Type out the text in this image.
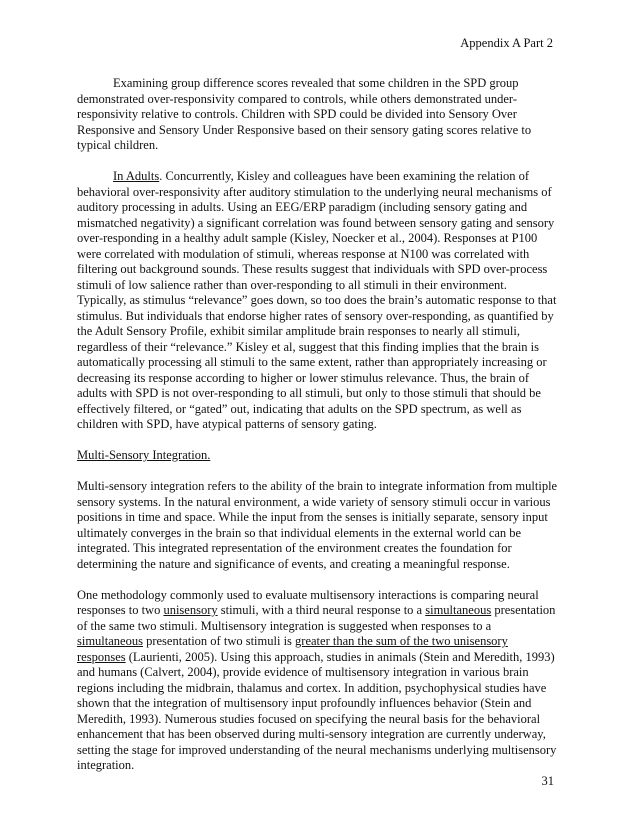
Appendix A Part 2

Examining group difference scores revealed that some children in the SPD group demonstrated over-responsivity compared to controls, while others demonstrated under-responsivity relative to controls. Children with SPD could be divided into Sensory Over Responsive and Sensory Under Responsive based on their sensory gating scores relative to typical children.

In Adults. Concurrently, Kisley and colleagues have been examining the relation of behavioral over-responsivity after auditory stimulation to the underlying neural mechanisms of auditory processing in adults. Using an EEG/ERP paradigm (including sensory gating and mismatched negativity) a significant correlation was found between sensory gating and sensory over-responding in a healthy adult sample (Kisley, Noecker et al., 2004). Responses at P100 were correlated with modulation of stimuli, whereas response at N100 was correlated with filtering out background sounds. These results suggest that individuals with SPD over-process stimuli of low salience rather than over-responding to all stimuli in their environment. Typically, as stimulus “relevance” goes down, so too does the brain’s automatic response to that stimulus. But individuals that endorse higher rates of sensory over-responding, as quantified by the Adult Sensory Profile, exhibit similar amplitude brain responses to nearly all stimuli, regardless of their “relevance.” Kisley et al, suggest that this finding implies that the brain is automatically processing all stimuli to the same extent, rather than appropriately increasing or decreasing its response according to higher or lower stimulus relevance. Thus, the brain of adults with SPD is not over-responding to all stimuli, but only to those stimuli that should be effectively filtered, or “gated” out, indicating that adults on the SPD spectrum, as well as children with SPD, have atypical patterns of sensory gating.

Multi-Sensory Integration.

Multi-sensory integration refers to the ability of the brain to integrate information from multiple sensory systems. In the natural environment, a wide variety of sensory stimuli occur in various positions in time and space. While the input from the senses is initially separate, sensory input ultimately converges in the brain so that individual elements in the external world can be integrated. This integrated representation of the environment creates the foundation for determining the nature and significance of events, and creating a meaningful response.

One methodology commonly used to evaluate multisensory interactions is comparing neural responses to two unisensory stimuli, with a third neural response to a simultaneous presentation of the same two stimuli. Multisensory integration is suggested when responses to a simultaneous presentation of two stimuli is greater than the sum of the two unisensory responses (Laurienti, 2005). Using this approach, studies in animals (Stein and Meredith, 1993) and humans (Calvert, 2004), provide evidence of multisensory integration in various brain regions including the midbrain, thalamus and cortex. In addition, psychophysical studies have shown that the integration of multisensory input profoundly influences behavior (Stein and Meredith, 1993). Numerous studies focused on specifying the neural basis for the behavioral enhancement that has been observed during multi-sensory integration are currently underway, setting the stage for improved understanding of the neural mechanisms underlying multisensory integration.

31
